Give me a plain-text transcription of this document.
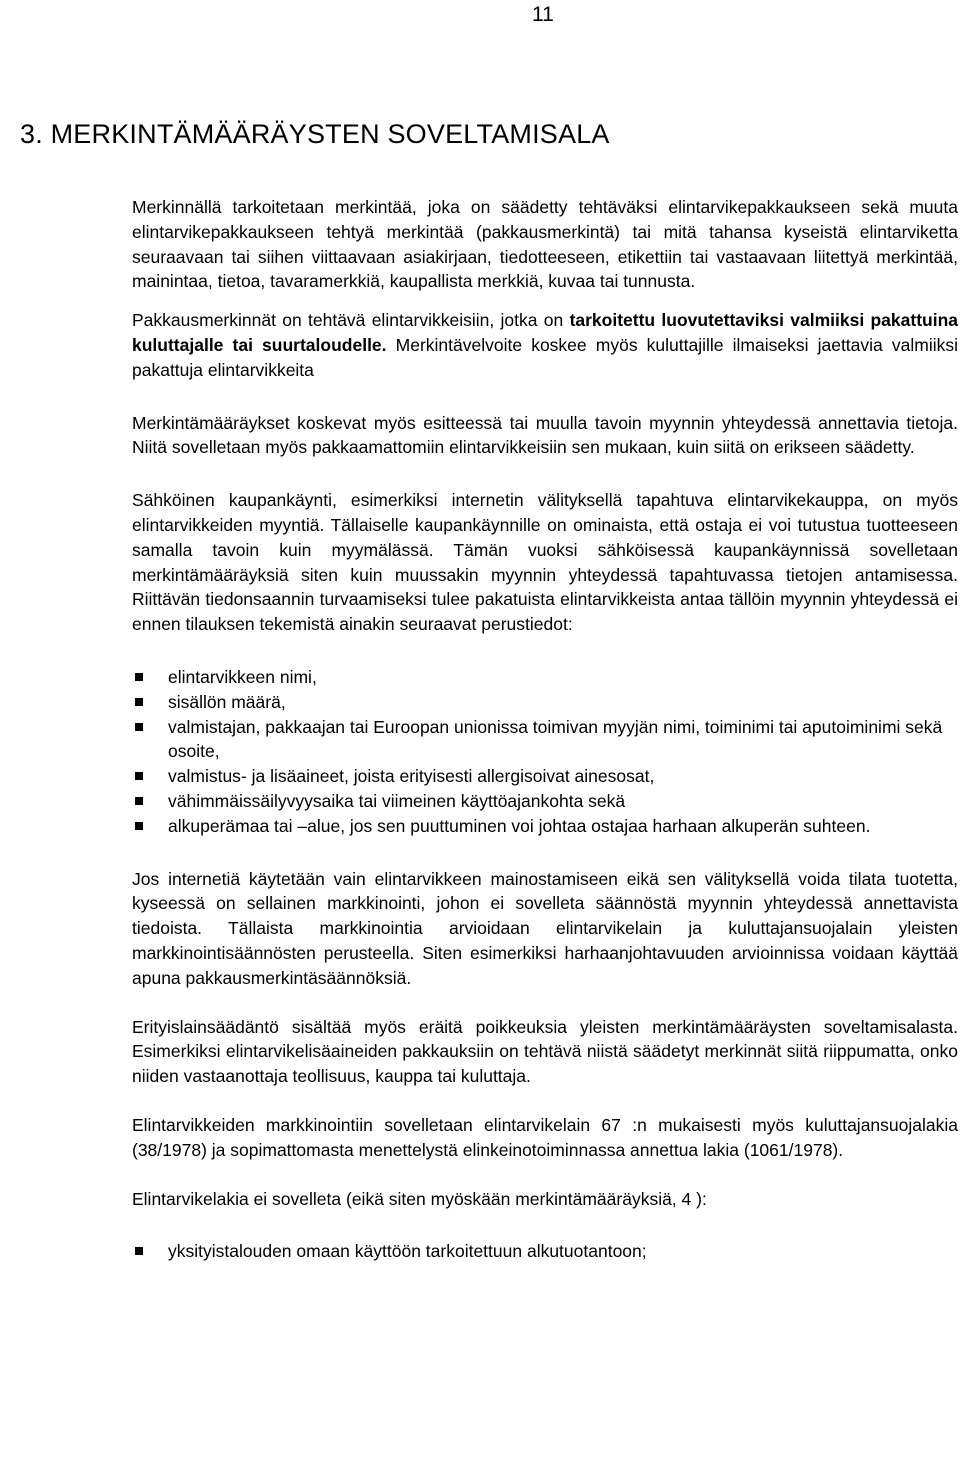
11
3. MERKINTÄMÄÄRÄYSTEN SOVELTAMISALA

Merkinnällä tarkoitetaan merkintää, joka on säädetty tehtäväksi elintarvikepakkaukseen sekä muuta elintarvikepakkaukseen tehtyä merkintää (pakkausmerkintä) tai mitä tahansa kyseistä elintarviketta seuraavaan tai siihen viittaavaan asiakirjaan, tiedotteeseen, etikettiin tai vastaavaan liitettyä merkintää, mainintaa, tietoa, tavaramerkkiä, kaupallista merkkiä, kuvaa tai tunnusta.

Pakkausmerkinnät on tehtävä elintarvikkeisiin, jotka on tarkoitettu luovutettaviksi valmiiksi pakattuina kuluttajalle tai suurtaloudelle. Merkintävelvoite koskee myös kuluttajille ilmaiseksi jaettavia valmiiksi pakattuja elintarvikkeita

Merkintämääräykset koskevat myös esitteessä tai muulla tavoin myynnin yhteydessä annettavia tietoja. Niitä sovelletaan myös pakkaamattomiin elintarvikkeisiin sen mukaan, kuin siitä on erikseen säädetty.

Sähköinen kaupankäynti, esimerkiksi internetin välityksellä tapahtuva elintarvikekauppa, on myös elintarvikkeiden myyntiä. Tällaiselle kaupankäynnille on ominaista, että ostaja ei voi tutustua tuotteeseen samalla tavoin kuin myymälässä. Tämän vuoksi sähköisessä kaupankäynnissä sovelletaan merkintämääräyksiä siten kuin muussakin myynnin yhteydessä tapahtuvassa tietojen antamisessa. Riittävän tiedonsaannin turvaamiseksi tulee pakatuista elintarvikkeista antaa tällöin myynnin yhteydessä ei ennen tilauksen tekemistä ainakin seuraavat perustiedot:

elintarvikkeen nimi,
sisällön määrä,
valmistajan, pakkaajan tai Euroopan unionissa toimivan myyjän nimi, toiminimi tai aputoiminimi sekä osoite,
valmistus- ja lisäaineet, joista erityisesti allergisoivat ainesosat,
vähimmäissäilyvyysaika tai viimeinen käyttöajankohta sekä
alkuperämaa tai –alue, jos sen puuttuminen voi johtaa ostajaa harhaan alkuperän suhteen.

Jos internetiä käytetään vain elintarvikkeen mainostamiseen eikä sen välityksellä voida tilata tuotetta, kyseessä on sellainen markkinointi, johon ei sovelleta säännöstä myynnin yhteydessä annettavista tiedoista. Tällaista markkinointia arvioidaan elintarvikelain ja kuluttajansuojalain yleisten markkinointisäännösten perusteella. Siten esimerkiksi harhaanjohtavuuden arvioinnissa voidaan käyttää apuna pakkausmerkintäsäännöksiä.

Erityislainsäädäntö sisältää myös eräitä poikkeuksia yleisten merkintämääräysten soveltamisalasta. Esimerkiksi elintarvikelisäaineiden pakkauksiin on tehtävä niistä säädetyt merkinnät siitä riippumatta, onko niiden vastaanottaja teollisuus, kauppa tai kuluttaja.

Elintarvikkeiden markkinointiin sovelletaan elintarvikelain 67 :n mukaisesti myös kuluttajansuojalakia (38/1978) ja sopimattomasta menettelystä elinkeinotoiminnassa annettua lakia (1061/1978).

Elintarvikelakia ei sovelleta (eikä siten myöskään merkintämääräyksiä, 4 ):

yksityistalouden omaan käyttöön tarkoitettuun alkutuotantoon;
